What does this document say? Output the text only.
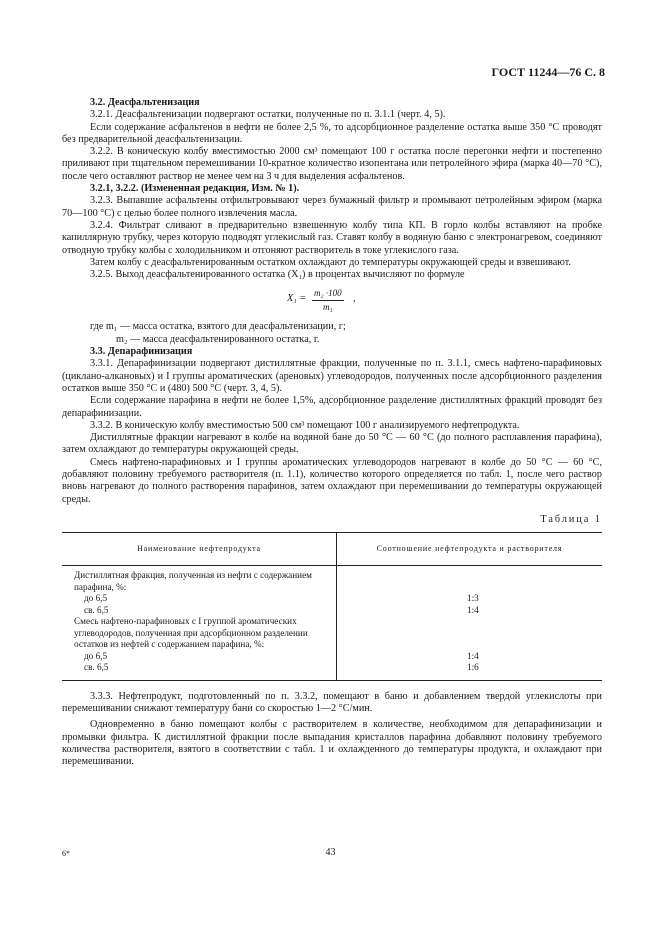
ГОСТ 11244—76 С. 8

3.2. Деасфальтенизация

3.2.1. Деасфальтенизации подвергают остатки, полученные по п. 3.1.1 (черт. 4, 5).

Если содержание асфальтенов в нефти не более 2,5 %, то адсорбционное разделение остатка выше 350 °С проводят без предварительной деасфальтенизации.

3.2.2. В коническую колбу вместимостью 2000 см³ помещают 100 г остатка после перегонки нефти и постепенно приливают при тщательном перемешивании 10-кратное количество изопентана или петролейного эфира (марка 40—70 °С), после чего оставляют раствор не менее чем на 3 ч для выделения асфальтенов.

3.2.1, 3.2.2. (Измененная редакция, Изм. № 1).

3.2.3. Выпавшие асфальтены отфильтровывают через бумажный фильтр и промывают петролейным эфиром (марка 70—100 °С) с целью более полного извлечения масла.

3.2.4. Фильтрат сливают в предварительно взвешенную колбу типа КП. В горло колбы вставляют на пробке капиллярную трубку, через которую подводят углекислый газ. Ставят колбу в водяную баню с электронагревом, соединяют отводную трубку колбы с холодильником и отгоняют растворитель в токе углекислого газа.

Затем колбу с деасфальтенированным остатком охлаждают до температуры окружающей среды и взвешивают.

3.2.5. Выход деасфальтенированного остатка (X₁) в процентах вычисляют по формуле

$X_1 = \frac{\text{m₂ ·100}}{\text{m₁}}$ ,

где m₁ — масса остатка, взятого для деасфальтенизации, г;

m₂ — масса деасфальтенированного остатка, г.

3.3. Депарафинизация

3.3.1. Депарафинизации подвергают дистиллятные фракции, полученные по п. 3.1.1, смесь нафтено-парафиновых (циклано-алкановых) и I группы ароматических (ареновых) углеводородов, полученных после адсорбционного разделения остатков выше 350 °С и (480) 500 °С (черт. 3, 4, 5).

Если содержание парафина в нефти не более 1,5%, адсорбционное разделение дистиллятных фракций проводят без депарафинизации.

3.3.2. В коническую колбу вместимостью 500 см³ помещают 100 г анализируемого нефтепродукта.

Дистиллятные фракции нагревают в колбе на водяной бане до 50 °С — 60 °С (до полного расплавления парафина), затем охлаждают до температуры окружающей среды.

Смесь нафтено-парафиновых и I группы ароматических углеводородов нагревают в колбе до 50 °С — 60 °С, добавляют половину требуемого растворителя (п. 1.1), количество которого определяется по табл. 1, после чего раствор вновь нагревают до полного растворения парафинов, затем охлаждают при перемешивании до температуры окружающей среды.

Таблица 1
Наименование нефтепродукта	Соотношение нефтепродукта и растворителя
Дистиллятная фракция, полученная из нефти с содержанием парафина, %:	
до 6,5	1:3
св. 6,5	1:4
Смесь нафтено-парафиновых с I группой ароматических углеводородов, полученная при адсорбционном разделении остатков из нефтей с содержанием парафина, %:	
до 6,5	1:4
св. 6,5	1:6

3.3.3. Нефтепродукт, подготовленный по п. 3.3.2, помещают в баню и добавлением твердой углекислоты при перемешивании снижают температуру бани со скоростью 1—2 °С/мин.

Одновременно в баню помещают колбы с растворителем в количестве, необходимом для депарафинизации и промывки фильтра. К дистиллятной фракции после выпадания кристаллов парафина добавляют половину требуемого количества растворителя, взятого в соответствии с табл. 1 и охлажденного до температуры продукта, и охлаждают при перемешивании.

6*	43
